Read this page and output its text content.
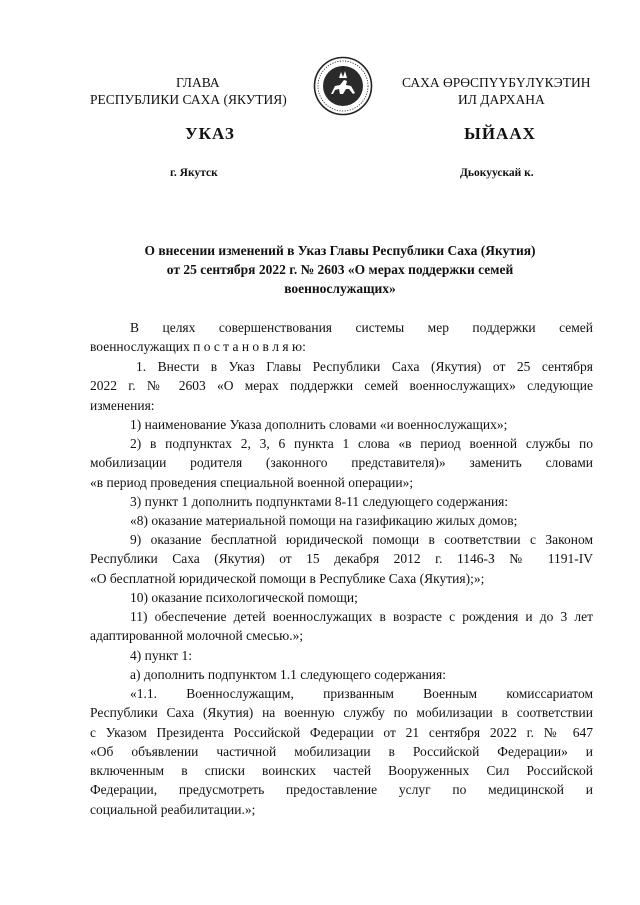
ГЛАВА
РЕСПУБЛИКИ САХА (ЯКУТИЯ)
САХА ӨРӨСПҮҮБҮЛҮКЭТИН
ИЛ ДАРХАНА
УКАЗ	ЫЙААХ
г. Якутск	Дьокуускай к.
О внесении изменений в Указ Главы Республики Саха (Якутия)
от 25 сентября 2022 г. № 2603 «О мерах поддержки семей
военнослужащих»
В целях совершенствования системы мер поддержки семей
военнослужащих п о с т а н о в л я ю:
1. Внести в Указ Главы Республики Саха (Якутия) от 25 сентября
2022 г. № 2603 «О мерах поддержки семей военнослужащих» следующие
изменения:
1) наименование Указа дополнить словами «и военнослужащих»;
2) в подпунктах 2, 3, 6 пункта 1 слова «в период военной службы по
мобилизации родителя (законного представителя)» заменить словами
«в период проведения специальной военной операции»;
3) пункт 1 дополнить подпунктами 8-11 следующего содержания:
«8) оказание материальной помощи на газификацию жилых домов;
9) оказание бесплатной юридической помощи в соответствии с Законом
Республики Саха (Якутия) от 15 декабря 2012 г. 1146-З № 1191-IV
«О бесплатной юридической помощи в Республике Саха (Якутия);»;
10) оказание психологической помощи;
11) обеспечение детей военнослужащих в возрасте с рождения и до 3 лет
адаптированной молочной смесью.»;
4) пункт 1:
а) дополнить подпунктом 1.1 следующего содержания:
«1.1. Военнослужащим, призванным Военным комиссариатом
Республики Саха (Якутия) на военную службу по мобилизации в соответствии
с Указом Президента Российской Федерации от 21 сентября 2022 г. № 647
«Об объявлении частичной мобилизации в Российской Федерации» и
включенным в списки воинских частей Вооруженных Сил Российской
Федерации, предусмотреть предоставление услуг по медицинской и
социальной реабилитации.»;
